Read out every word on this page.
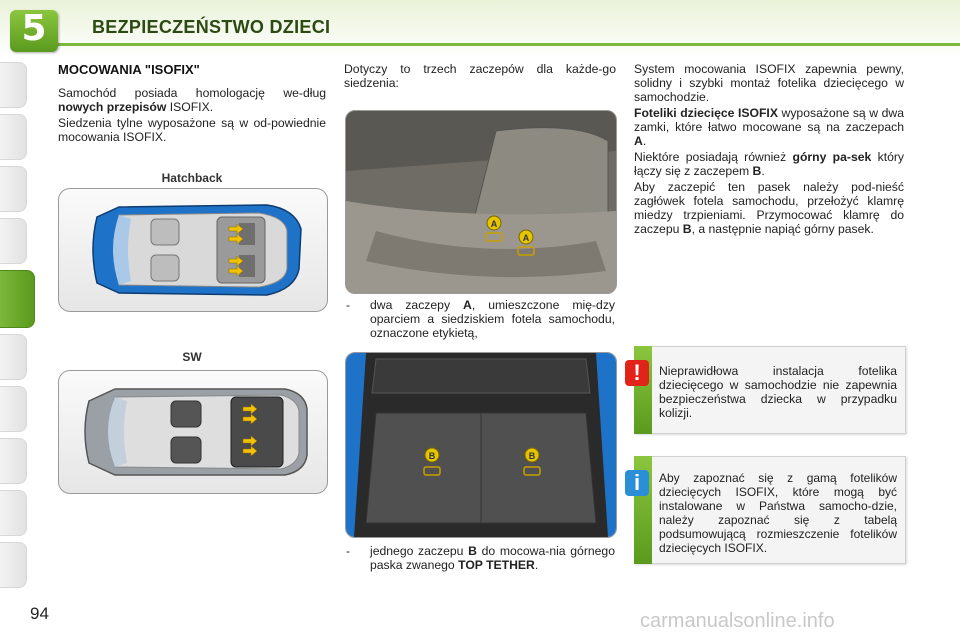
5	BEZPIECZEŃSTWO DZIECI
MOCOWANIA "ISOFIX"
Samochód posiada homologację we-dług nowych przepisów ISOFIX.
Siedzenia tylne wyposażone są w od-powiednie mocowania ISOFIX.
Hatchback
SW
Dotyczy to trzech zaczepów dla każde-go siedzenia:
A
A
-	dwa zaczepy A, umieszczone mię-dzy oparciem a siedziskiem fotela samochodu, oznaczone etykietą,
B	B
-	jednego zaczepu B do mocowa-nia górnego paska zwanego TOP TETHER.
System mocowania ISOFIX zapewnia pewny, solidny i szybki montaż fotelika dziecięcego w samochodzie.
Foteliki dziecięce ISOFIX wyposażone są w dwa zamki, które łatwo mocowane są na zaczepach A.
Niektóre posiadają również górny pa-sek który łączy się z zaczepem B.
Aby zaczepić ten pasek należy pod-nieść zagłówek fotela samochodu, przełożyć klamrę miedzy trzpieniami. Przymocować klamrę do zaczepu B, a następnie napiąć górny pasek.
!	Nieprawidłowa instalacja fotelika dziecięcego w samochodzie nie zapewnia bezpieczeństwa dziecka w przypadku kolizji.
i	Aby zapoznać się z gamą fotelików dziecięcych ISOFIX, które mogą być instalowane w Państwa samocho-dzie, należy zapoznać się z tabelą podsumowującą rozmieszczenie fotelików dziecięcych ISOFIX.
94	carmanualsonline.info
